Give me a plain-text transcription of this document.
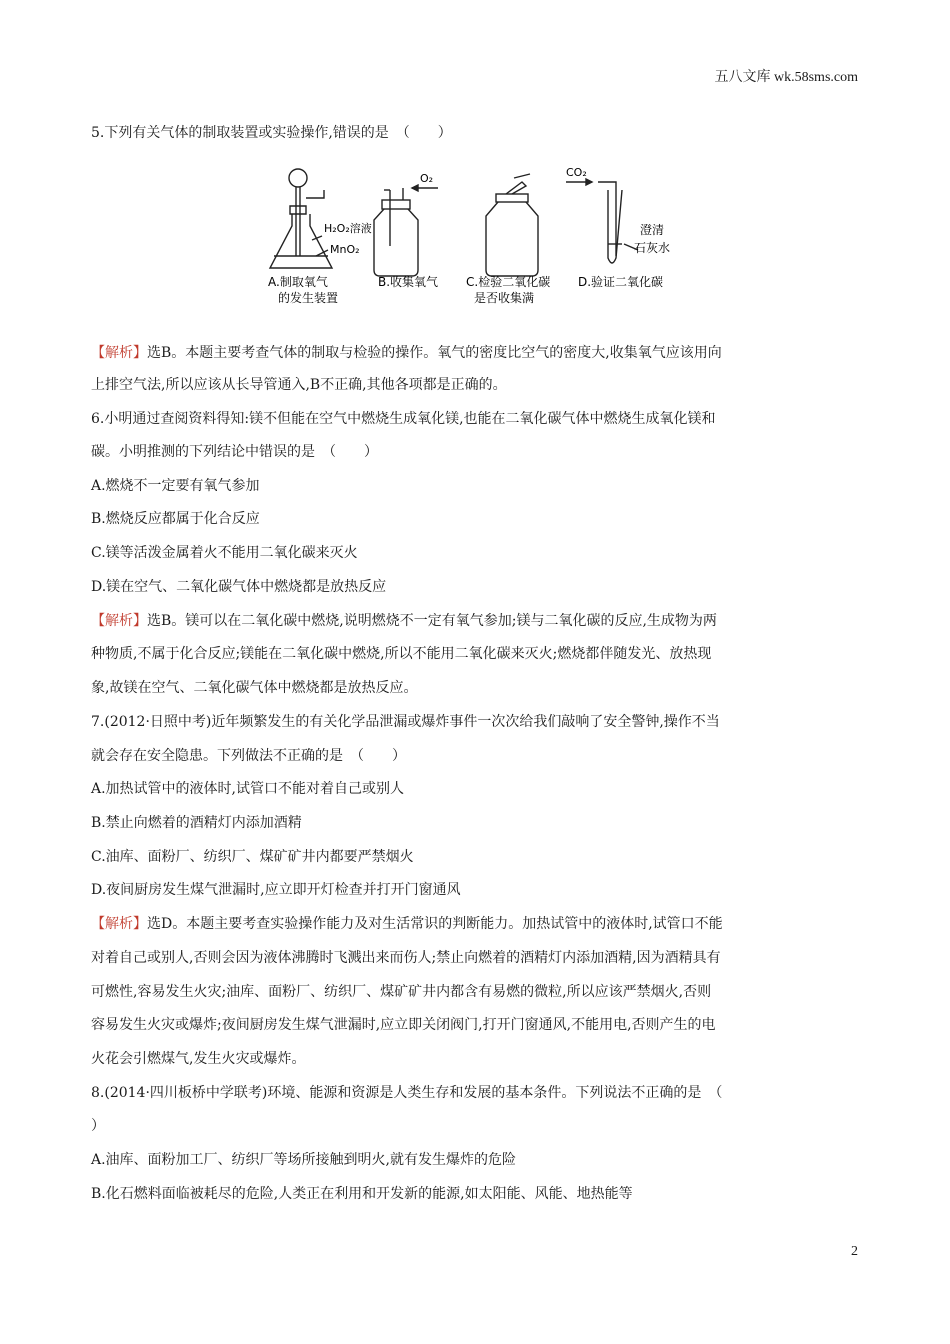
五八文库 wk.58sms.com
5.下列有关气体的制取装置或实验操作,错误的是　（　　）
H₂O₂溶液
MnO₂
A.制取氧气
的发生装置
O₂
B.收集氧气 C.检验二氧化碳
是否收集满
CO₂
澄清
石灰水
D.验证二氧化碳
【解析】选B。本题主要考查气体的制取与检验的操作。氧气的密度比空气的密度大,收集氧气应该用向
上排空气法,所以应该从长导管通入,B不正确,其他各项都是正确的。
6.小明通过查阅资料得知:镁不但能在空气中燃烧生成氧化镁,也能在二氧化碳气体中燃烧生成氧化镁和
碳。小明推测的下列结论中错误的是　（　　）
A.燃烧不一定要有氧气参加
B.燃烧反应都属于化合反应
C.镁等活泼金属着火不能用二氧化碳来灭火
D.镁在空气、二氧化碳气体中燃烧都是放热反应
【解析】选B。镁可以在二氧化碳中燃烧,说明燃烧不一定有氧气参加;镁与二氧化碳的反应,生成物为两
种物质,不属于化合反应;镁能在二氧化碳中燃烧,所以不能用二氧化碳来灭火;燃烧都伴随发光、放热现
象,故镁在空气、二氧化碳气体中燃烧都是放热反应。
7.(2012·日照中考)近年频繁发生的有关化学品泄漏或爆炸事件一次次给我们敲响了安全警钟,操作不当
就会存在安全隐患。下列做法不正确的是　（　　）
A.加热试管中的液体时,试管口不能对着自己或别人
B.禁止向燃着的酒精灯内添加酒精
C.油库、面粉厂、纺织厂、煤矿矿井内都要严禁烟火
D.夜间厨房发生煤气泄漏时,应立即开灯检查并打开门窗通风
【解析】选D。本题主要考查实验操作能力及对生活常识的判断能力。加热试管中的液体时,试管口不能
对着自己或别人,否则会因为液体沸腾时飞溅出来而伤人;禁止向燃着的酒精灯内添加酒精,因为酒精具有
可燃性,容易发生火灾;油库、面粉厂、纺织厂、煤矿矿井内都含有易燃的微粒,所以应该严禁烟火,否则
容易发生火灾或爆炸;夜间厨房发生煤气泄漏时,应立即关闭阀门,打开门窗通风,不能用电,否则产生的电
火花会引燃煤气,发生火灾或爆炸。
8.(2014·四川板桥中学联考)环境、能源和资源是人类生存和发展的基本条件。下列说法不正确的是　（
）
A.油库、面粉加工厂、纺织厂等场所接触到明火,就有发生爆炸的危险
B.化石燃料面临被耗尽的危险,人类正在利用和开发新的能源,如太阳能、风能、地热能等
2
